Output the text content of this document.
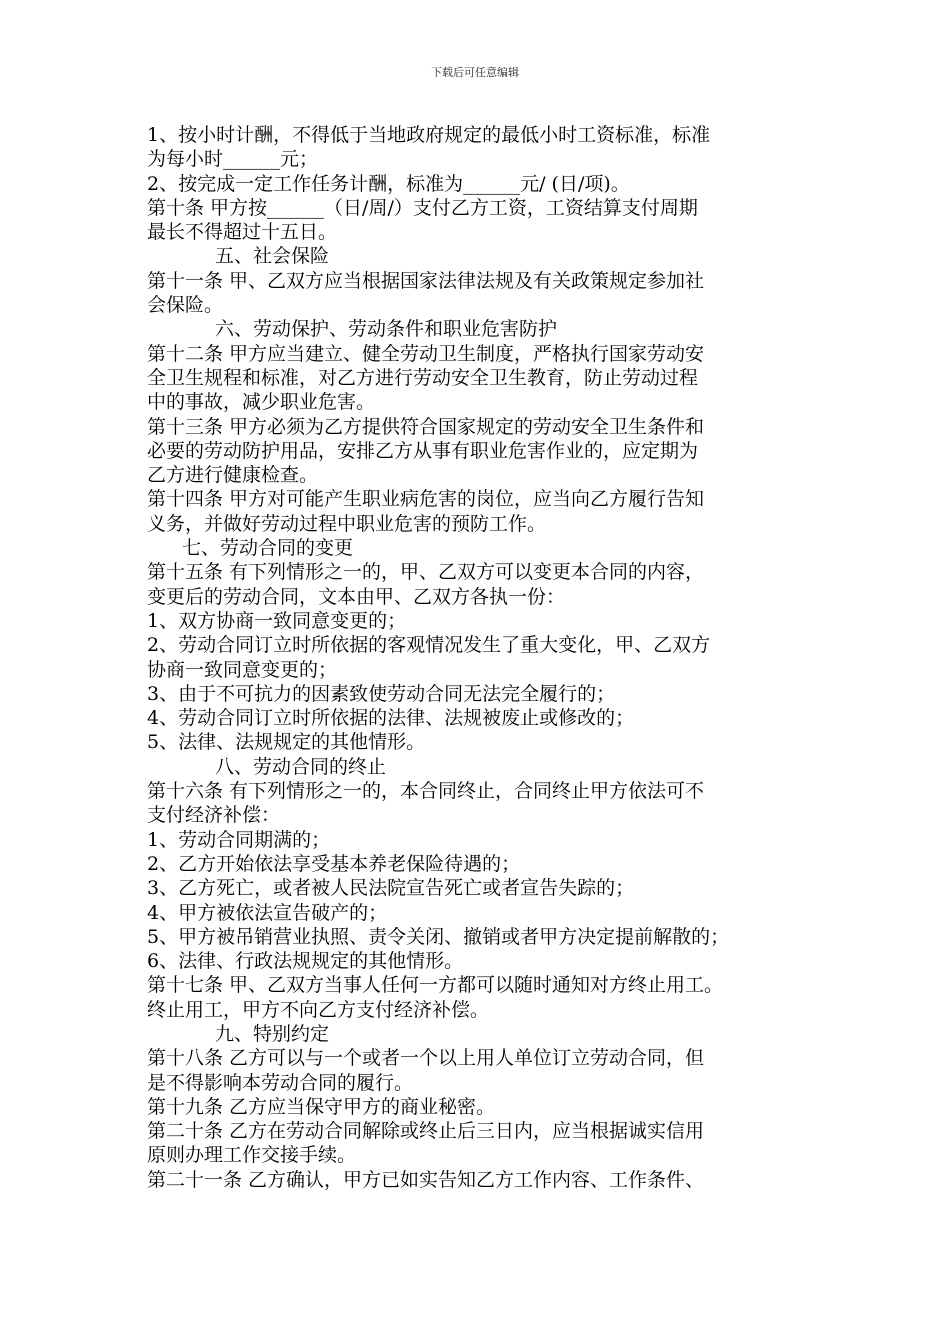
下载后可任意编辑
1、按小时计酬，不得低于当地政府规定的最低小时工资标准，标准
为每小时______元；
2、按完成一定工作任务计酬，标准为______元/ (日/项)。
第十条 甲方按______（日/周/）支付乙方工资，工资结算支付周期
最长不得超过十五日。
五、社会保险
第十一条 甲、乙双方应当根据国家法律法规及有关政策规定参加社
会保险。
六、劳动保护、劳动条件和职业危害防护
第十二条 甲方应当建立、健全劳动卫生制度，严格执行国家劳动安
全卫生规程和标准，对乙方进行劳动安全卫生教育，防止劳动过程
中的事故，减少职业危害。
第十三条 甲方必须为乙方提供符合国家规定的劳动安全卫生条件和
必要的劳动防护用品，安排乙方从事有职业危害作业的，应定期为
乙方进行健康检查。
第十四条 甲方对可能产生职业病危害的岗位，应当向乙方履行告知
义务，并做好劳动过程中职业危害的预防工作。
七、劳动合同的变更
第十五条 有下列情形之一的，甲、乙双方可以变更本合同的内容，
变更后的劳动合同，文本由甲、乙双方各执一份：
1、双方协商一致同意变更的；
2、劳动合同订立时所依据的客观情况发生了重大变化，甲、乙双方
协商一致同意变更的；
3、由于不可抗力的因素致使劳动合同无法完全履行的；
4、劳动合同订立时所依据的法律、法规被废止或修改的；
5、法律、法规规定的其他情形。
八、劳动合同的终止
第十六条 有下列情形之一的，本合同终止，合同终止甲方依法可不
支付经济补偿：
1、劳动合同期满的；
2、乙方开始依法享受基本养老保险待遇的；
3、乙方死亡，或者被人民法院宣告死亡或者宣告失踪的；
4、甲方被依法宣告破产的；
5、甲方被吊销营业执照、责令关闭、撤销或者甲方决定提前解散的；
6、法律、行政法规规定的其他情形。
第十七条 甲、乙双方当事人任何一方都可以随时通知对方终止用工。
终止用工，甲方不向乙方支付经济补偿。
九、特别约定
第十八条 乙方可以与一个或者一个以上用人单位订立劳动合同，但
是不得影响本劳动合同的履行。
第十九条 乙方应当保守甲方的商业秘密。
第二十条 乙方在劳动合同解除或终止后三日内，应当根据诚实信用
原则办理工作交接手续。
第二十一条 乙方确认，甲方已如实告知乙方工作内容、工作条件、
